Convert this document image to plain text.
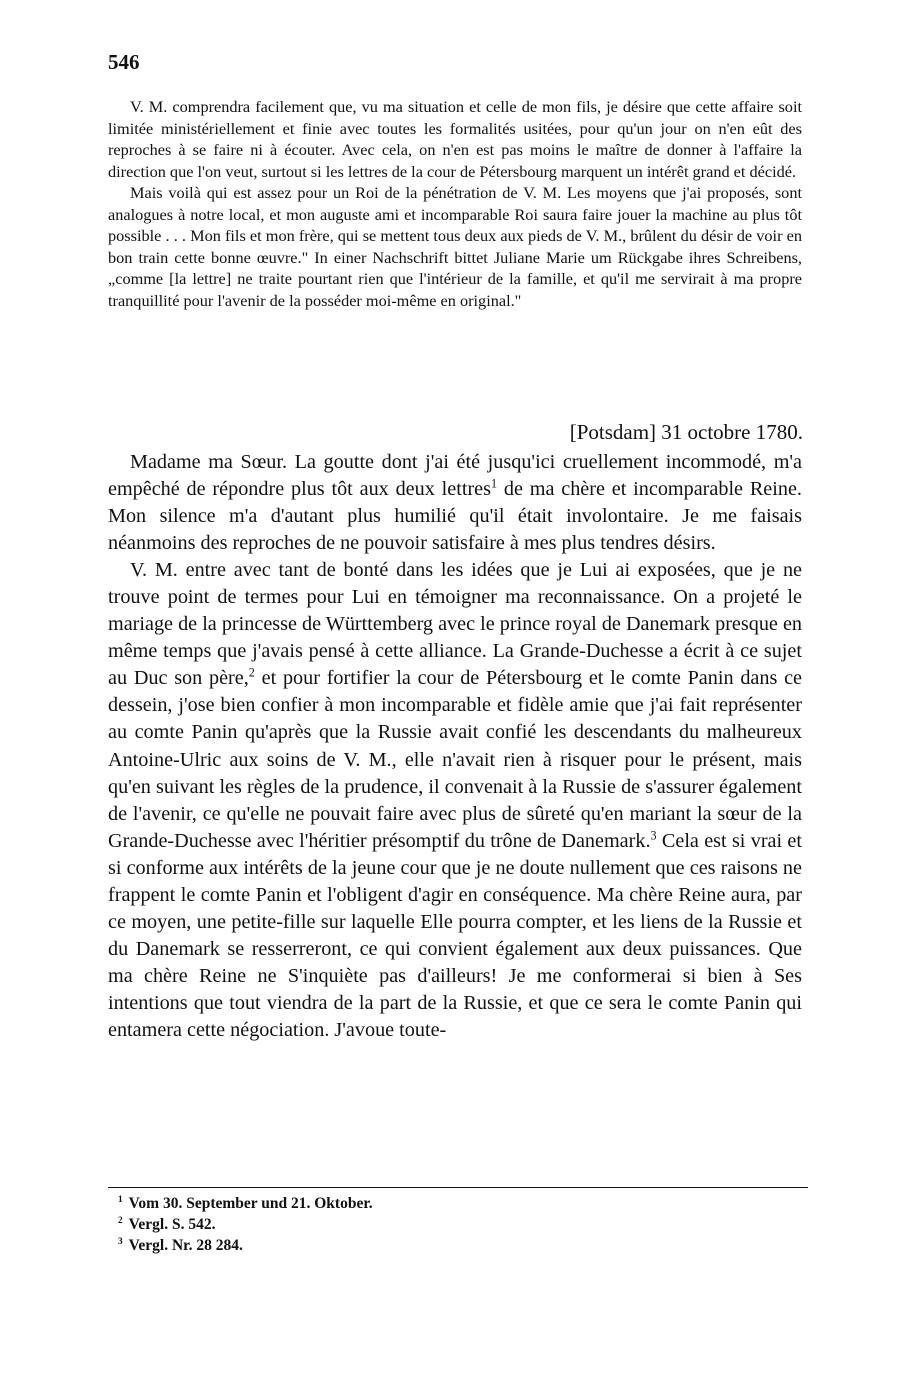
546

V. M. comprendra facilement que, vu ma situation et celle de mon fils, je désire que cette affaire soit limitée ministériellement et finie avec toutes les formalités usitées, pour qu'un jour on n'en eût des reproches à se faire ni à écouter. Avec cela, on n'en est pas moins le maître de donner à l'affaire la direction que l'on veut, surtout si les lettres de la cour de Pétersbourg marquent un intérêt grand et décidé.

Mais voilà qui est assez pour un Roi de la pénétration de V. M. Les moyens que j'ai proposés, sont analogues à notre local, et mon auguste ami et incomparable Roi saura faire jouer la machine au plus tôt possible . . . Mon fils et mon frère, qui se mettent tous deux aux pieds de V. M., brûlent du désir de voir en bon train cette bonne œuvre." In einer Nachschrift bittet Juliane Marie um Rückgabe ihres Schreibens, „comme [la lettre] ne traite pourtant rien que l'intérieur de la famille, et qu'il me servirait à ma propre tranquillité pour l'avenir de la posséder moi-même en original."

[Potsdam] 31 octobre 1780.

Madame ma Sœur. La goutte dont j'ai été jusqu'ici cruellement incommodé, m'a empêché de répondre plus tôt aux deux lettres$^1$ de ma chère et incomparable Reine. Mon silence m'a d'autant plus humilié qu'il était involontaire. Je me faisais néanmoins des reproches de ne pouvoir satisfaire à mes plus tendres désirs.

V. M. entre avec tant de bonté dans les idées que je Lui ai exposées, que je ne trouve point de termes pour Lui en témoigner ma reconnaissance. On a projeté le mariage de la princesse de Württemberg avec le prince royal de Danemark presque en même temps que j'avais pensé à cette alliance. La Grande-Duchesse a écrit à ce sujet au Duc son père,$^2$ et pour fortifier la cour de Pétersbourg et le comte Panin dans ce dessein, j'ose bien confier à mon incomparable et fidèle amie que j'ai fait représenter au comte Panin qu'après que la Russie avait confié les descendants du malheureux Antoine-Ulric aux soins de V. M., elle n'avait rien à risquer pour le présent, mais qu'en suivant les règles de la prudence, il convenait à la Russie de s'assurer également de l'avenir, ce qu'elle ne pouvait faire avec plus de sûreté qu'en mariant la sœur de la Grande-Duchesse avec l'héritier présomptif du trône de Danemark.$^3$ Cela est si vrai et si conforme aux intérêts de la jeune cour que je ne doute nullement que ces raisons ne frappent le comte Panin et l'obligent d'agir en conséquence. Ma chère Reine aura, par ce moyen, une petite-fille sur laquelle Elle pourra compter, et les liens de la Russie et du Danemark se resserreront, ce qui convient également aux deux puissances. Que ma chère Reine ne S'inquiète pas d'ailleurs! Je me conformerai si bien à Ses intentions que tout viendra de la part de la Russie, et que ce sera le comte Panin qui entamera cette négociation. J'avoue toute-

$^1$ Vom 30. September und 21. Oktober.
$^2$ Vergl. S. 542.
$^3$ Vergl. Nr. 28 284.
